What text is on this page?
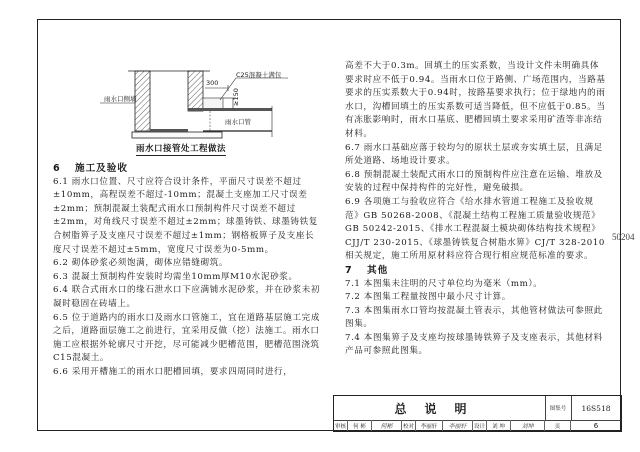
雨水口侧墙
C25混凝土满包
300
≥150
雨水口管
雨水口接管处工程做法

6 施工及验收

6.1 雨水口位置、尺寸应符合设计条件，平面尺寸误差不超过±10mm，高程误差不超过-10mm；混凝土支座加工尺寸误差±2mm；预制混凝土装配式雨水口预制构件尺寸误差不超过±2mm，对角线尺寸误差不超过±2mm；球墨铸铁、球墨铸铁复合树脂箅子及支座尺寸误差不超过±1mm；钢格板箅子及支座长度尺寸误差不超过±5mm，宽度尺寸误差为0-5mm。

6.2 砌体砂浆必须饱满，砌体应错缝砌筑。

6.3 混凝土预制构件安装时均需坐10mm厚M10水泥砂浆。

6.4 联合式雨水口的缘石泄水口下应满铺水泥砂浆，并在砂浆未初凝时稳固在砖墙上。

6.5 位于道路内的雨水口及雨水口管施工，宜在道路基层施工完成之后，道路面层施工之前进行，宜采用反做（挖）法施工。雨水口施工应根据外轮廓尺寸开挖，尽可能减少肥槽范围，肥槽范围浇筑C15混凝土。

6.6 采用开槽施工的雨水口肥槽回填，要求四周同时进行，

高差不大于0.3m。回填土的压实系数，当设计文件未明确具体要求时应不低于0.94。当雨水口位于路侧、广场范围内，当路基要求的压实系数大于0.94时，按路基要求执行；位于绿地内的雨水口，沟槽回填土的压实系数可适当降低，但不应低于0.85。当有冻胀影响时，雨水口基底、肥槽回填土要求采用矿渣等非冻结材料。

6.7 雨水口基础应落于较均匀的原状土层或夯实填土层，且满足所处道路、场地设计要求。

6.8 预制混凝土装配式雨水口的预制构件应注意在运输、堆放及安装的过程中保持构件的完好性，避免破损。

6.9 各项施工与验收应符合《给水排水管道工程施工及验收规范》GB 50268-2008、《混凝土结构工程施工质量验收规范》GB 50242-2015、《排水工程混凝土模块砌体结构技术规程》CJJ/T 230-2015、《球墨铸铁复合树脂水箅》CJ/T 328-2010相关规定，施工所用原材料应符合现行相应规范标准的要求。

7 其他

7.1 本图集未注明的尺寸单位均为毫米（mm）。

7.2 本图集工程量按图中最小尺寸计算。

7.3 本图集雨水口管均按混凝土管表示，其他管材做法可参照此图集。

7.4 本图集箅子及支座均按球墨铸铁箅子及支座表示，其他材料产品可参照此图集。

50204
总说明	图集号	16S518
审核	何 彬	何彬	校对	李丽轩	李丽轩	设计	刘 坤	刘坤	页	6
